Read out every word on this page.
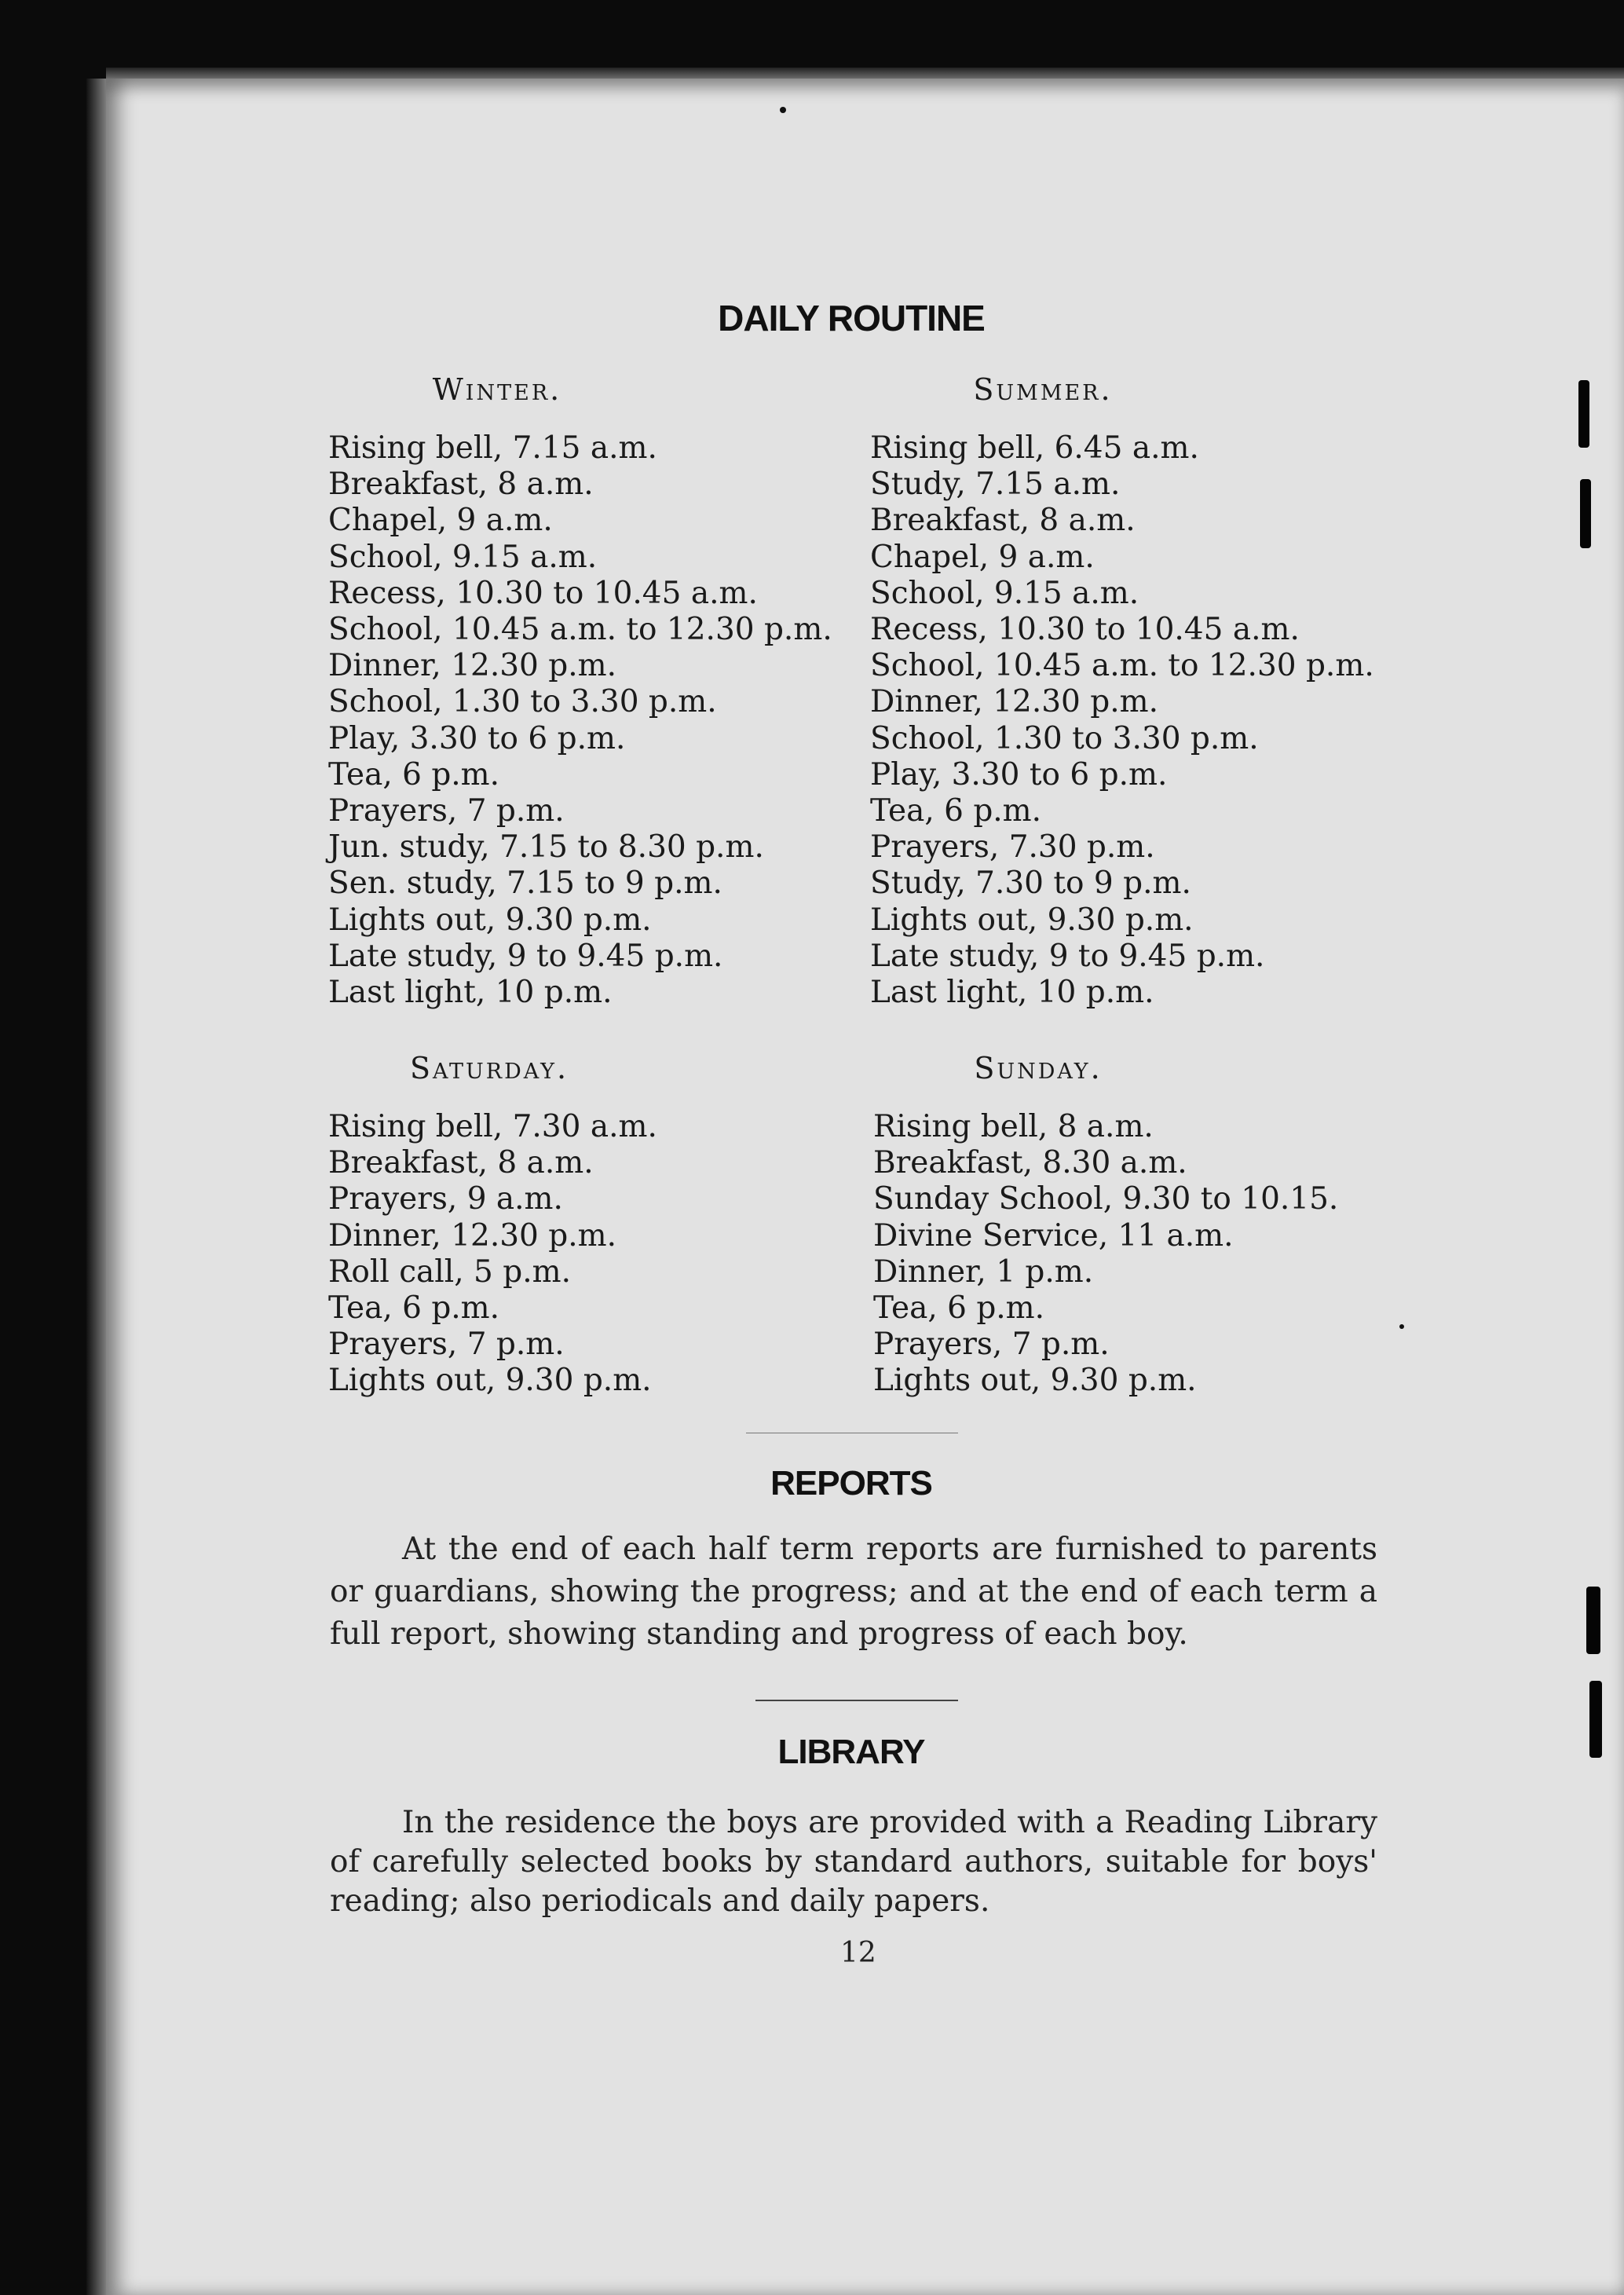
DAILY ROUTINE
Winter.
Rising bell, 7.15 a.m.
Breakfast, 8 a.m.
Chapel, 9 a.m.
School, 9.15 a.m.
Recess, 10.30 to 10.45 a.m.
School, 10.45 a.m. to 12.30 p.m.
Dinner, 12.30 p.m.
School, 1.30 to 3.30 p.m.
Play, 3.30 to 6 p.m.
Tea, 6 p.m.
Prayers, 7 p.m.
Jun. study, 7.15 to 8.30 p.m.
Sen. study, 7.15 to 9 p.m.
Lights out, 9.30 p.m.
Late study, 9 to 9.45 p.m.
Last light, 10 p.m.
Summer.
Rising bell, 6.45 a.m.
Study, 7.15 a.m.
Breakfast, 8 a.m.
Chapel, 9 a.m.
School, 9.15 a.m.
Recess, 10.30 to 10.45 a.m.
School, 10.45 a.m. to 12.30 p.m.
Dinner, 12.30 p.m.
School, 1.30 to 3.30 p.m.
Play, 3.30 to 6 p.m.
Tea, 6 p.m.
Prayers, 7.30 p.m.
Study, 7.30 to 9 p.m.
Lights out, 9.30 p.m.
Late study, 9 to 9.45 p.m.
Last light, 10 p.m.
Saturday.
Rising bell, 7.30 a.m.
Breakfast, 8 a.m.
Prayers, 9 a.m.
Dinner, 12.30 p.m.
Roll call, 5 p.m.
Tea, 6 p.m.
Prayers, 7 p.m.
Lights out, 9.30 p.m.
Sunday.
Rising bell, 8 a.m.
Breakfast, 8.30 a.m.
Sunday School, 9.30 to 10.15.
Divine Service, 11 a.m.
Dinner, 1 p.m.
Tea, 6 p.m.
Prayers, 7 p.m.
Lights out, 9.30 p.m.
REPORTS

At the end of each half term reports are furnished to parents or guardians, showing the progress; and at the end of each term a full report, showing standing and progress of each boy.

LIBRARY

In the residence the boys are provided with a Reading Library of carefully selected books by standard authors, suitable for boys' reading; also periodicals and daily papers.

12
